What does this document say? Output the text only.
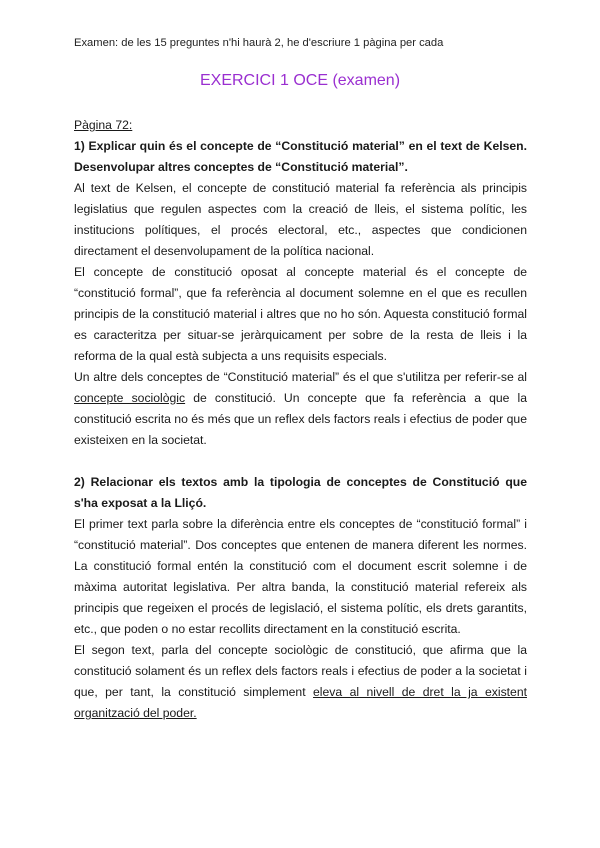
Examen: de les 15 preguntes n'hi haurà 2, he d'escriure 1 pàgina per cada
EXERCICI 1 OCE (examen)

Pàgina 72:

1) Explicar quin és el concepte de “Constitució material” en el text de Kelsen. Desenvolupar altres conceptes de “Constitució material”.

Al text de Kelsen, el concepte de constitució material fa referència als principis legislatius que regulen aspectes com la creació de lleis, el sistema polític, les institucions polítiques, el procés electoral, etc., aspectes que condicionen directament el desenvolupament de la política nacional.

El concepte de constitució oposat al concepte material és el concepte de “constitució formal”, que fa referència al document solemne en el que es recullen principis de la constitució material i altres que no ho són. Aquesta constitució formal es caracteritza per situar-se jeràrquicament per sobre de la resta de lleis i la reforma de la qual està subjecta a uns requisits especials.

Un altre dels conceptes de “Constitució material” és el que s'utilitza per referir-se al concepte sociològic de constitució. Un concepte que fa referència a que la constitució escrita no és més que un reflex dels factors reals i efectius de poder que existeixen en la societat.

2) Relacionar els textos amb la tipologia de conceptes de Constitució que s'ha exposat a la Lliçó.

El primer text parla sobre la diferència entre els conceptes de “constitució formal” i “constitució material”. Dos conceptes que entenen de manera diferent les normes. La constitució formal entén la constitució com el document escrit solemne i de màxima autoritat legislativa. Per altra banda, la constitució material refereix als principis que regeixen el procés de legislació, el sistema polític, els drets garantits, etc., que poden o no estar recollits directament en la constitució escrita.

El segon text, parla del concepte sociològic de constitució, que afirma que la constitució solament és un reflex dels factors reals i efectius de poder a la societat i que, per tant, la constitució simplement eleva al nivell de dret la ja existent organització del poder.
